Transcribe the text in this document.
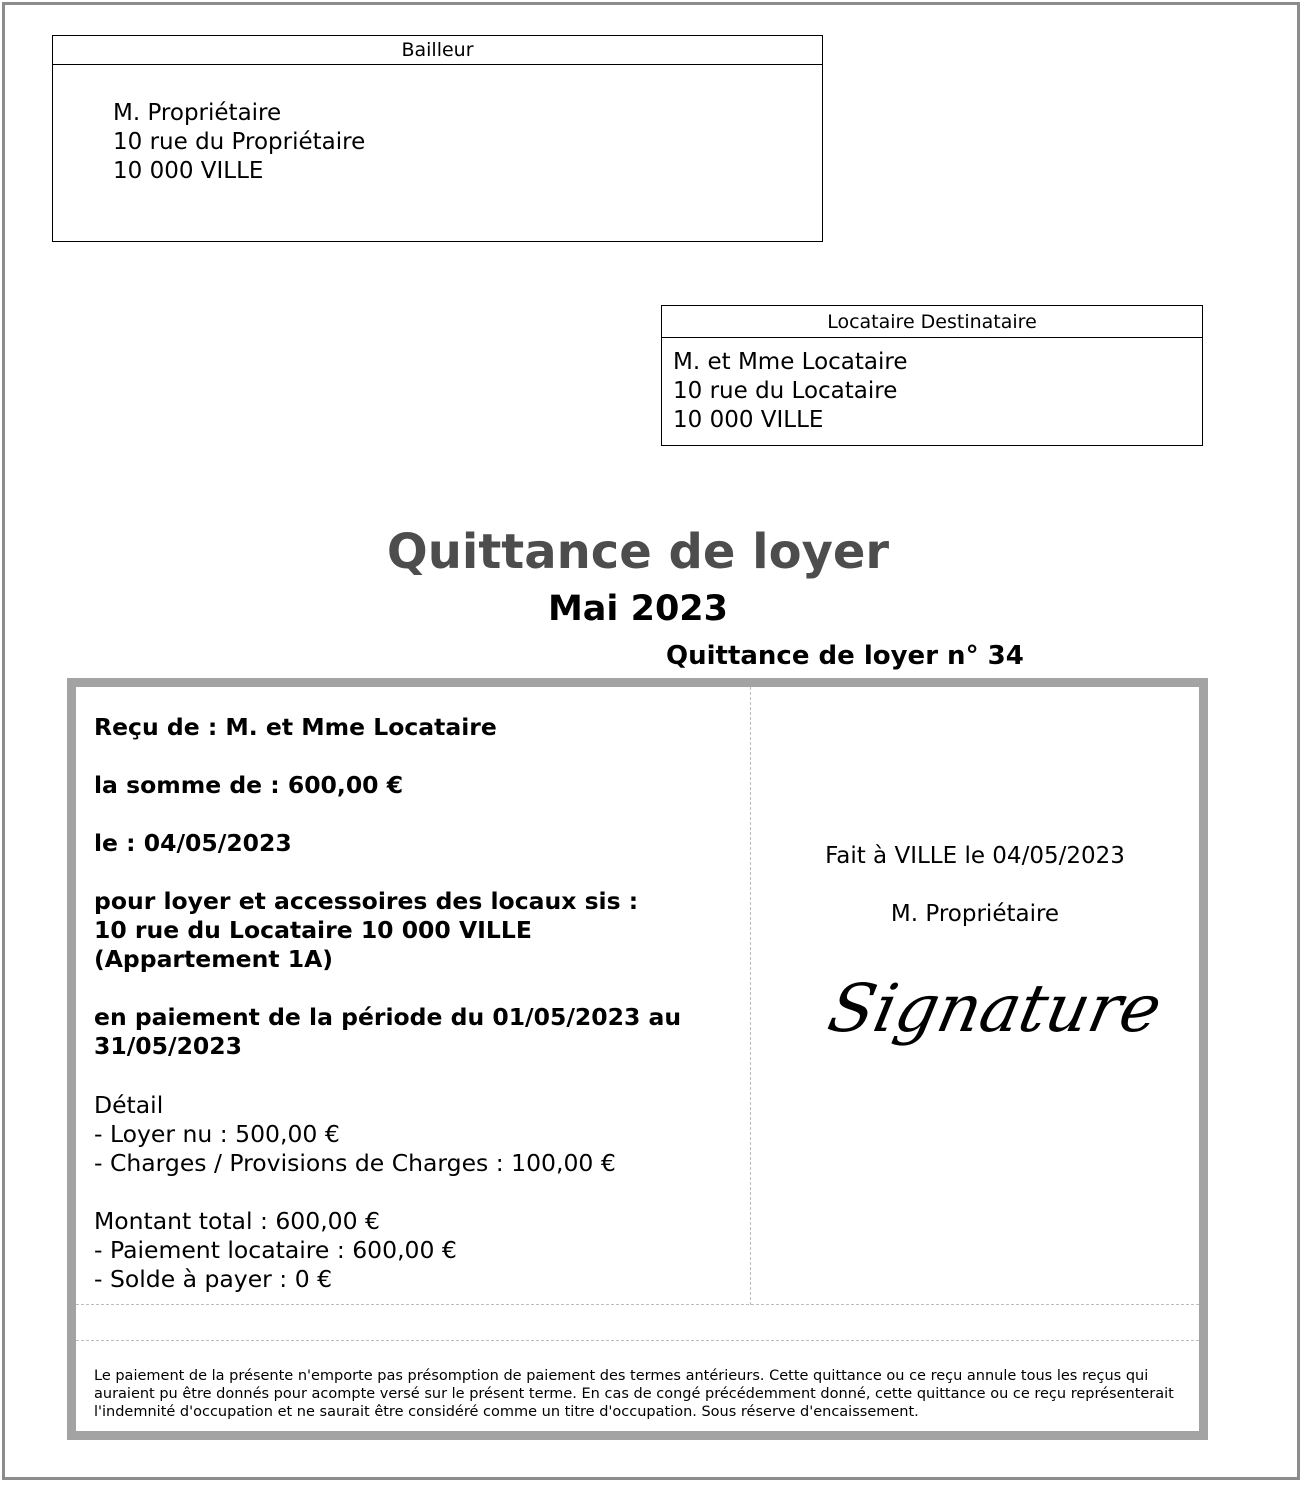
Bailleur
M. Propriétaire
10 rue du Propriétaire
10 000 VILLE
Locataire Destinataire
M. et Mme Locataire
10 rue du Locataire
10 000 VILLE
Quittance de loyer
Mai 2023
Quittance de loyer n° 34
Reçu de : M. et Mme Locataire
la somme de : 600,00 €
le : 04/05/2023
pour loyer et accessoires des locaux sis :
10 rue du Locataire 10 000 VILLE
(Appartement 1A)
en paiement de la période du 01/05/2023 au
31/05/2023
Détail
- Loyer nu : 500,00 €
- Charges / Provisions de Charges : 100,00 €
Montant total : 600,00 €
- Paiement locataire : 600,00 €
- Solde à payer : 0 €
Fait à VILLE le 04/05/2023
M. Propriétaire
Signature
Le paiement de la présente n'emporte pas présomption de paiement des termes antérieurs. Cette quittance ou ce reçu annule tous les reçus qui auraient pu être donnés pour acompte versé sur le présent terme. En cas de congé précédemment donné, cette quittance ou ce reçu représenterait l'indemnité d'occupation et ne saurait être considéré comme un titre d'occupation. Sous réserve d'encaissement.
